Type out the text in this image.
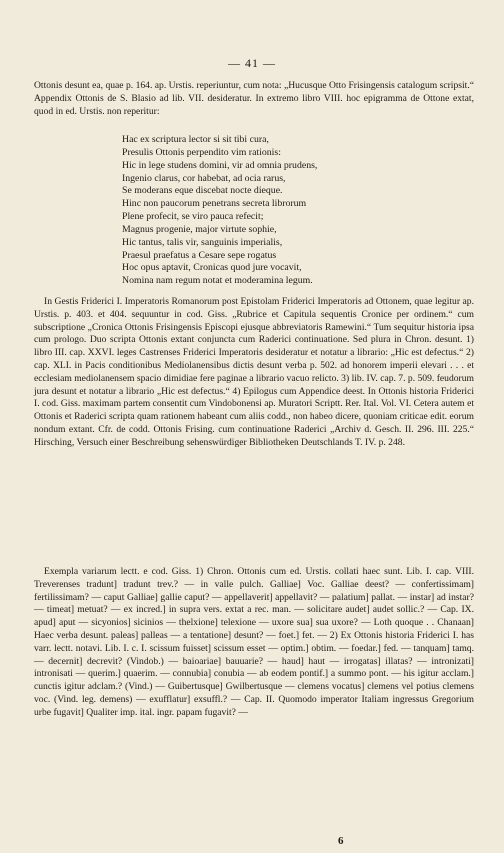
— 41 —

Ottonis desunt ea, quae p. 164. ap. Urstis. reperiuntur, cum nota: „Hucusque Otto Frisingensis catalogum scripsit.“ Appendix Ottonis de S. Blasio ad lib. VII. desideratur. In extremo libro VIII. hoc epigramma de Ottone extat, quod in ed. Urstis. non reperitur:

Hac ex scriptura lector si sit tibi cura,
Presulis Ottonis perpendito vim rationis:
Hic in lege studens domini, vir ad omnia prudens,
Ingenio clarus, cor habebat, ad ocia rarus,
Se moderans eque discebat nocte dieque.
Hinc non paucorum penetrans secreta librorum
Plene profecit, se viro pauca refecit;
Magnus progenie, major virtute sophie,
Hic tantus, talis vir, sanguinis imperialis,
Praesul praefatus a Cesare sepe rogatus
Hoc opus aptavit, Cronicas quod jure vocavit,
Nomina nam regum notat et moderamina legum.

In Gestis Friderici I. Imperatoris Romanorum post Epistolam Friderici Imperatoris ad Ottonem, quae legitur ap. Urstis. p. 403. et 404. sequuntur in cod. Giss. „Rubrice et Capitula sequentis Cronice per ordinem.“ cum subscriptione „Cronica Ottonis Frisingensis Episcopi ejusque abbreviatoris Ramewini.“ Tum sequitur historia ipsa cum prologo. Duo scripta Ottonis extant conjuncta cum Raderici continuatione. Sed plura in Chron. desunt. 1) libro III. cap. XXVI. leges Castrenses Friderici Imperatoris desideratur et notatur a librario: „Hic est defectus.“ 2) cap. XLI. in Pacis conditionibus Mediolanensibus dictis desunt verba p. 502. ad honorem imperii elevari . . . et ecclesiam mediolanensem spacio dimidiae fere paginae a librario vacuo relicto. 3) lib. IV. cap. 7. p. 509. feudorum jura desunt et notatur a librario „Hic est defectus.“ 4) Epilogus cum Appendice deest. In Ottonis historia Friderici I. cod. Giss. maximam partem consentit cum Vindobonensi ap. Muratori Scriptt. Rer. Ital. Vol. VI. Cetera autem et Ottonis et Raderici scripta quam rationem habeant cum aliis codd., non habeo dicere, quoniam criticae edit. eorum nondum extant. Cfr. de codd. Ottonis Frising. cum continuatione Raderici „Archiv d. Gesch. II. 296. III. 225.“ Hirsching, Versuch einer Beschreibung sehenswürdiger Bibliotheken Deutschlands T. IV. p. 248.

Exempla variarum lectt. e cod. Giss. 1) Chron. Ottonis cum ed. Urstis. collati haec sunt. Lib. I. cap. VIII. Treverenses tradunt] tradunt trev.? — in valle pulch. Galliae] Voc. Galliae deest? — confertissimam] fertilissimam? — caput Galliae] gallie caput? — appellaverit] appellavit? — palatium] pallat. — instar] ad instar? — timeat] metuat? — ex incred.] in supra vers. extat a rec. man. — solicitare audet] audet sollic.? — Cap. IX. apud] aput — sicyonios] sicinios — thelxione] telexione — uxore sua] sua uxore? — Loth quoque . . Chanaan] Haec verba desunt. paleas] palleas — a tentatione] desunt? — foet.] fet. — 2) Ex Ottonis historia Friderici I. has varr. lectt. notavi. Lib. I. c. I. scissum fuisset] scissum esset — optim.] obtim. — foedar.] fed. — tanquam] tamq. — decernit] decrevit? (Vindob.) — baioariae] bauuarie? — haud] haut — irrogatas] illatas? — intronizati] intronisati — querim.] quaerim. — connubia] conubia — ab eodem pontif.] a summo pont. — his igitur acclam.] cunctis igitur adclam.? (Vind.) — Guibertusque] Gwilbertusque — clemens vocatus] clemens vel potius clemens voc. (Vind. leg. demens) — exufflatur] exsuffl.? — Cap. II. Quomodo imperator Italiam ingressus Gregorium urbe fugavit] Qualiter imp. ital. ingr. papam fugavit? —

6
